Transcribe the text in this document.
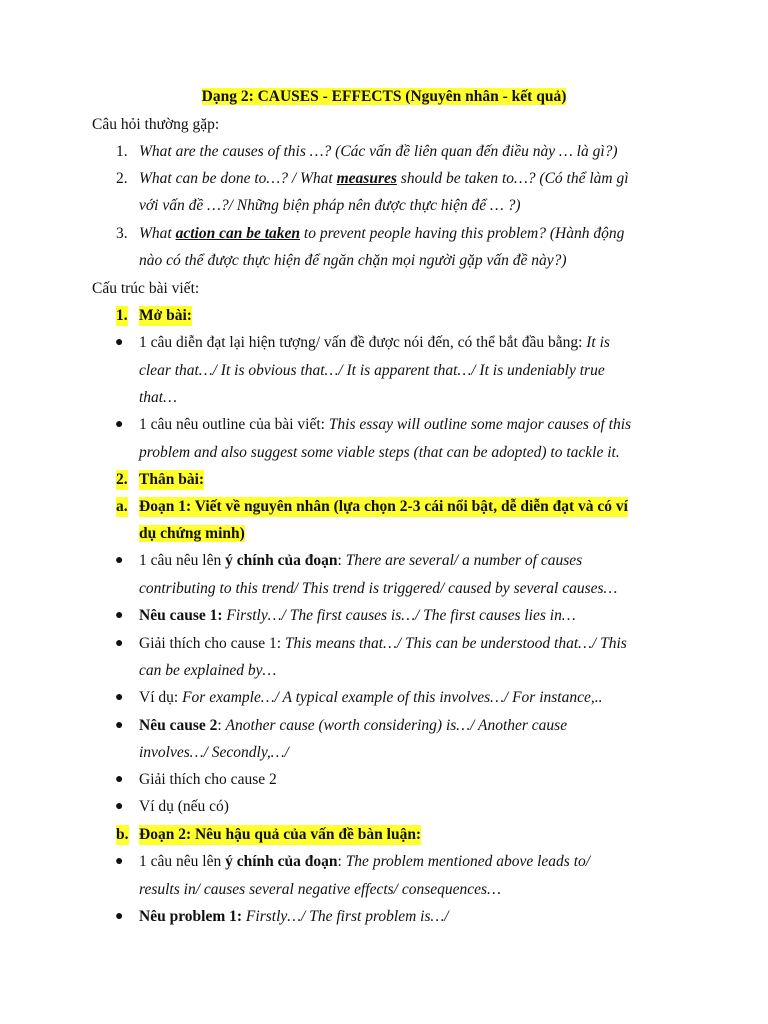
Dạng 2: CAUSES - EFFECTS (Nguyên nhân - kết quả)
Câu hỏi thường gặp:
1. What are the causes of this …? (Các vấn đề liên quan đến điều này … là gì?)
2. What can be done to…? / What measures should be taken to…? (Có thể làm gì
với vấn đề …?/ Những biện pháp nên được thực hiện để … ?)
3. What action can be taken to prevent people having this problem? (Hành động
nào có thể được thực hiện để ngăn chặn mọi người gặp vấn đề này?)
Cấu trúc bài viết:
1. Mở bài:
● 1 câu diễn đạt lại hiện tượng/ vấn đề được nói đến, có thể bắt đầu bằng: It is
clear that…/ It is obvious that…/ It is apparent that…/ It is undeniably true
that…
● 1 câu nêu outline của bài viết: This essay will outline some major causes of this
problem and also suggest some viable steps (that can be adopted) to tackle it.
2. Thân bài:
a. Đoạn 1: Viết về nguyên nhân (lựa chọn 2-3 cái nổi bật, dễ diễn đạt và có ví
dụ chứng minh)
● 1 câu nêu lên ý chính của đoạn: There are several/ a number of causes
contributing to this trend/ This trend is triggered/ caused by several causes…
● Nêu cause 1: Firstly…/ The first causes is…/ The first causes lies in…
● Giải thích cho cause 1: This means that…/ This can be understood that…/ This
can be explained by…
● Ví dụ: For example…/ A typical example of this involves…/ For instance,..
● Nêu cause 2: Another cause (worth considering) is…/ Another cause
involves…/ Secondly,…/
● Giải thích cho cause 2
● Ví dụ (nếu có)
b. Đoạn 2: Nêu hậu quả của vấn đề bàn luận:
● 1 câu nêu lên ý chính của đoạn: The problem mentioned above leads to/
results in/ causes several negative effects/ consequences…
● Nêu problem 1: Firstly…/ The first problem is…/
